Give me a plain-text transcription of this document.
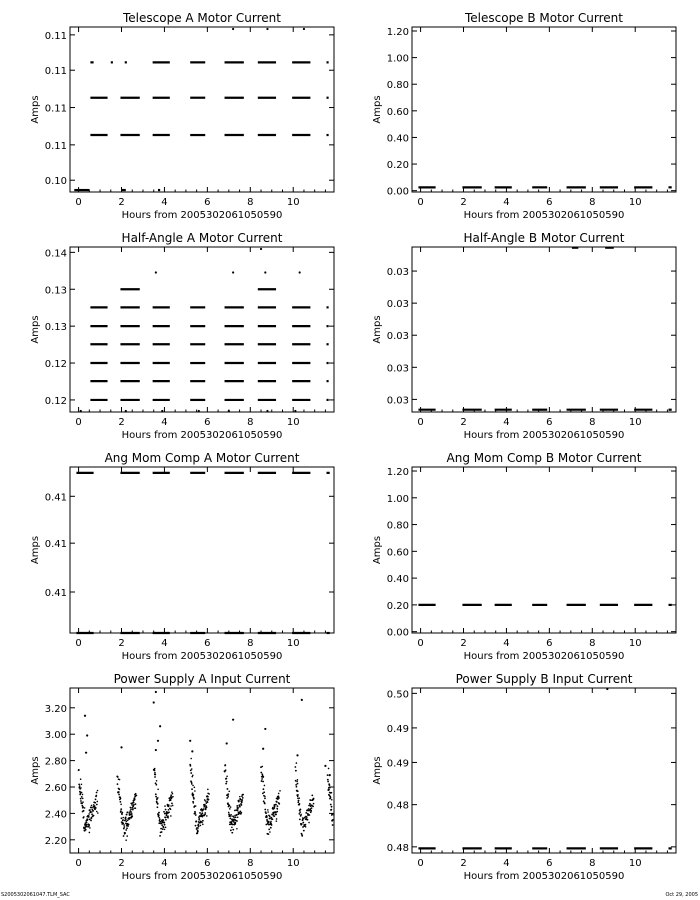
Telescope A Motor Current
Hours from 2005302061050590
Amps
0	2	4	6	8	10
0.10
0.11
0.11
0.11
0.11
Telescope B Motor Current
Hours from 2005302061050590
Amps
0	2	4	6	8	10
0.00
0.20
0.40
0.60
0.80
1.00
1.20
Half-Angle A Motor Current
Hours from 2005302061050590
Amps
0	2	4	6	8	10
0.12
0.12
0.13
0.13
0.14
Half-Angle B Motor Current
Hours from 2005302061050590
Amps
0	2	4	6	8	10
0.03
0.03
0.03
0.03
0.03
Ang Mom Comp A Motor Current
Hours from 2005302061050590
Amps
0	2	4	6	8	10
0.41
0.41
0.41
Ang Mom Comp B Motor Current
Hours from 2005302061050590
Amps
0	2	4	6	8	10
0.00
0.20
0.40
0.60
0.80
1.00
1.20
Power Supply A Input Current
Hours from 2005302061050590
Amps
0	2	4	6	8	10
2.20
2.40
2.60
2.80
3.00
3.20
Power Supply B Input Current
Hours from 2005302061050590
Amps
0	2	4	6	8	10
0.48
0.48
0.49
0.49
0.50
S2005302061047.TLM_SAC	Oct 29, 2005
